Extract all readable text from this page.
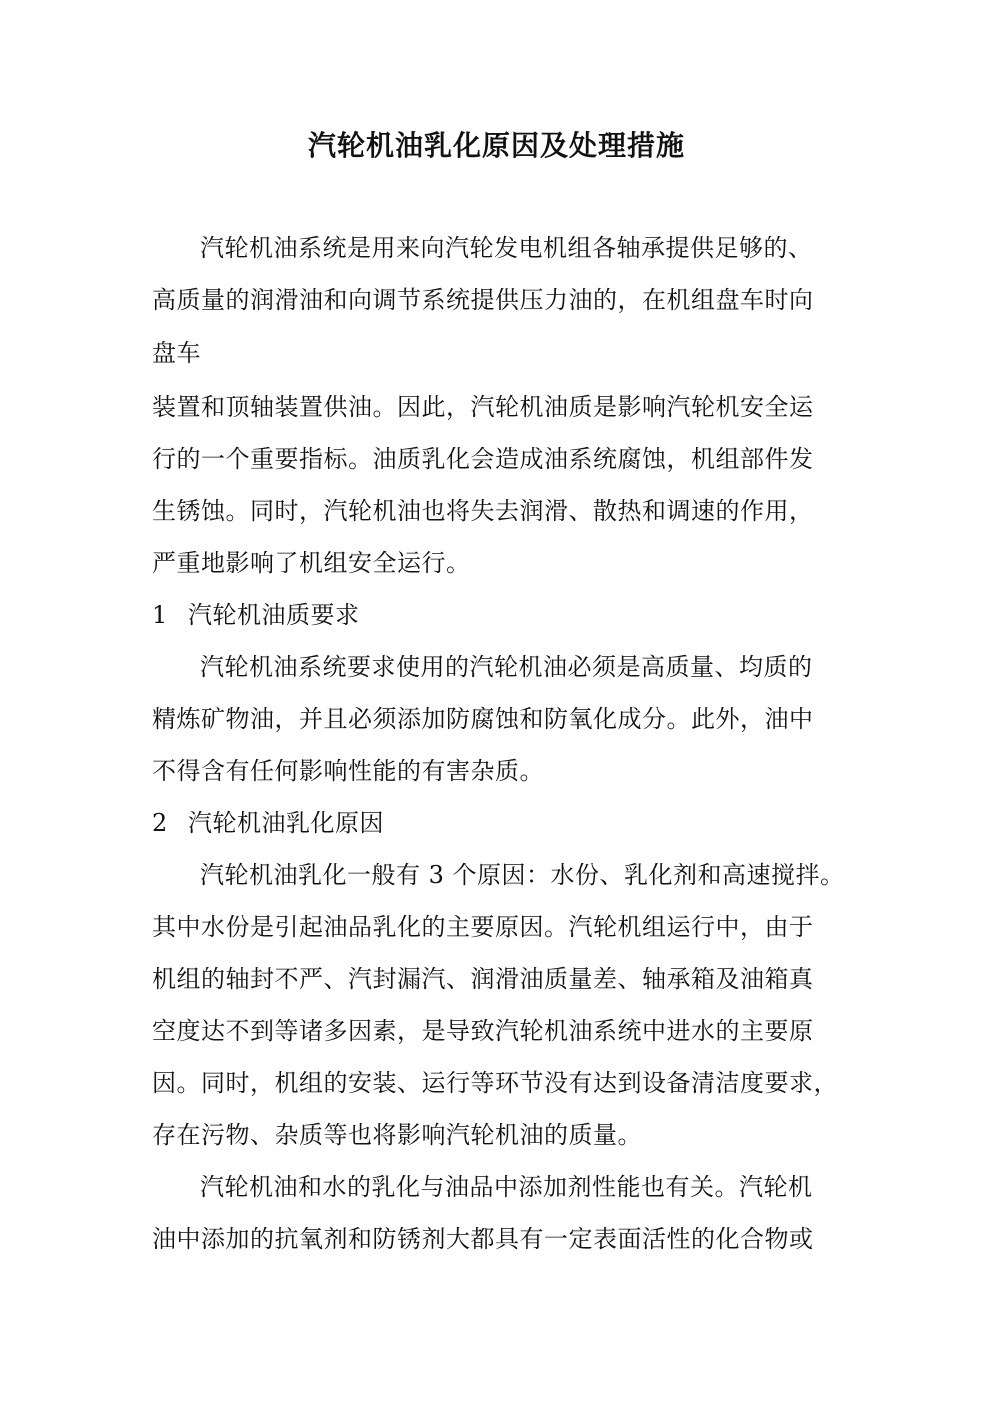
汽轮机油乳化原因及处理措施
汽轮机油系统是用来向汽轮发电机组各轴承提供足够的、
高质量的润滑油和向调节系统提供压力油的，在机组盘车时向
盘车
装置和顶轴装置供油。因此，汽轮机油质是影响汽轮机安全运
行的一个重要指标。油质乳化会造成油系统腐蚀，机组部件发
生锈蚀。同时，汽轮机油也将失去润滑、散热和调速的作用，
严重地影响了机组安全运行。
1 汽轮机油质要求
汽轮机油系统要求使用的汽轮机油必须是高质量、均质的
精炼矿物油，并且必须添加防腐蚀和防氧化成分。此外，油中
不得含有任何影响性能的有害杂质。
2 汽轮机油乳化原因
汽轮机油乳化一般有 3 个原因：水份、乳化剂和高速搅拌。
其中水份是引起油品乳化的主要原因。汽轮机组运行中，由于
机组的轴封不严、汽封漏汽、润滑油质量差、轴承箱及油箱真
空度达不到等诸多因素，是导致汽轮机油系统中进水的主要原
因。同时，机组的安装、运行等环节没有达到设备清洁度要求，
存在污物、杂质等也将影响汽轮机油的质量。
汽轮机油和水的乳化与油品中添加剂性能也有关。汽轮机
油中添加的抗氧剂和防锈剂大都具有一定表面活性的化合物或
